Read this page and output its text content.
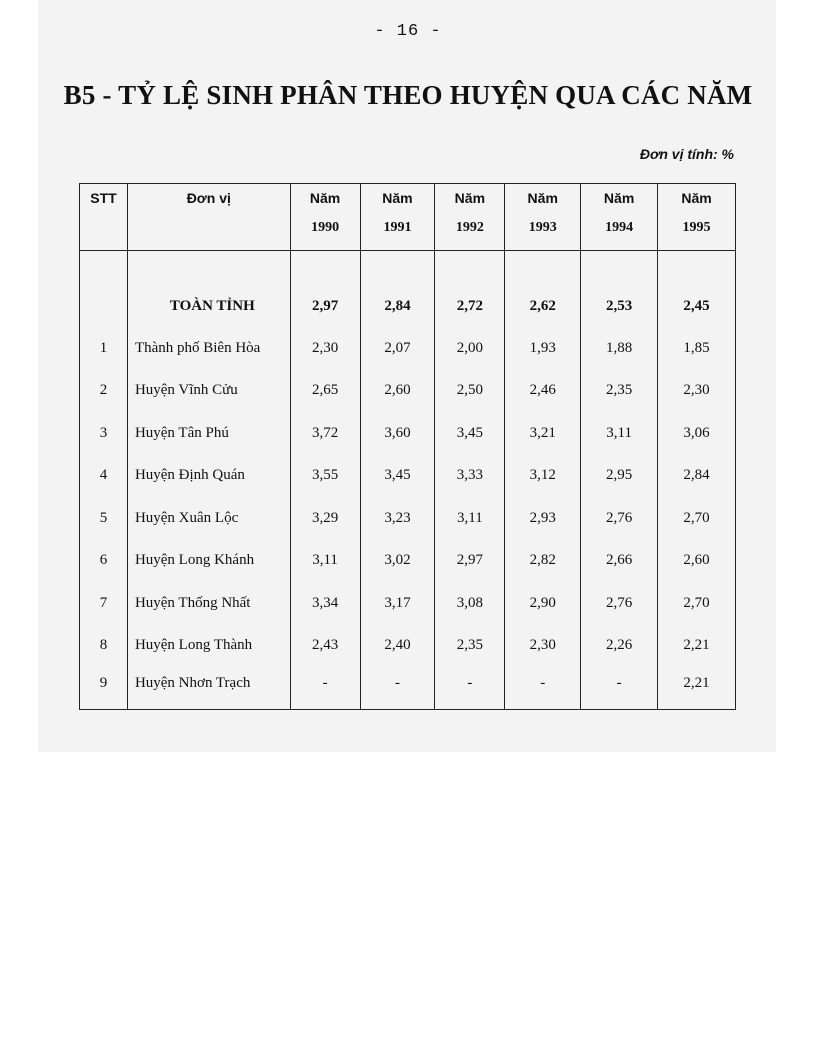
- 16 -
B5 - TỶ LỆ SINH PHÂN THEO HUYỆN QUA CÁC NĂM
Đơn vị tính: %
STT	Đơn vị	Năm	Năm	Năm	Năm	Năm	Năm
		1990	1991	1992	1993	1994	1995

	TOÀN TỈNH	2,97	2,84	2,72	2,62	2,53	2,45
1	Thành phố Biên Hòa	2,30	2,07	2,00	1,93	1,88	1,85
2	Huyện Vĩnh Cửu	2,65	2,60	2,50	2,46	2,35	2,30
3	Huyện Tân Phú	3,72	3,60	3,45	3,21	3,11	3,06
4	Huyện Định Quán	3,55	3,45	3,33	3,12	2,95	2,84
5	Huyện Xuân Lộc	3,29	3,23	3,11	2,93	2,76	2,70
6	Huyện Long Khánh	3,11	3,02	2,97	2,82	2,66	2,60
7	Huyện Thống Nhất	3,34	3,17	3,08	2,90	2,76	2,70
8	Huyện Long Thành	2,43	2,40	2,35	2,30	2,26	2,21
9	Huyện Nhơn Trạch	-	-	-	-	-	2,21
